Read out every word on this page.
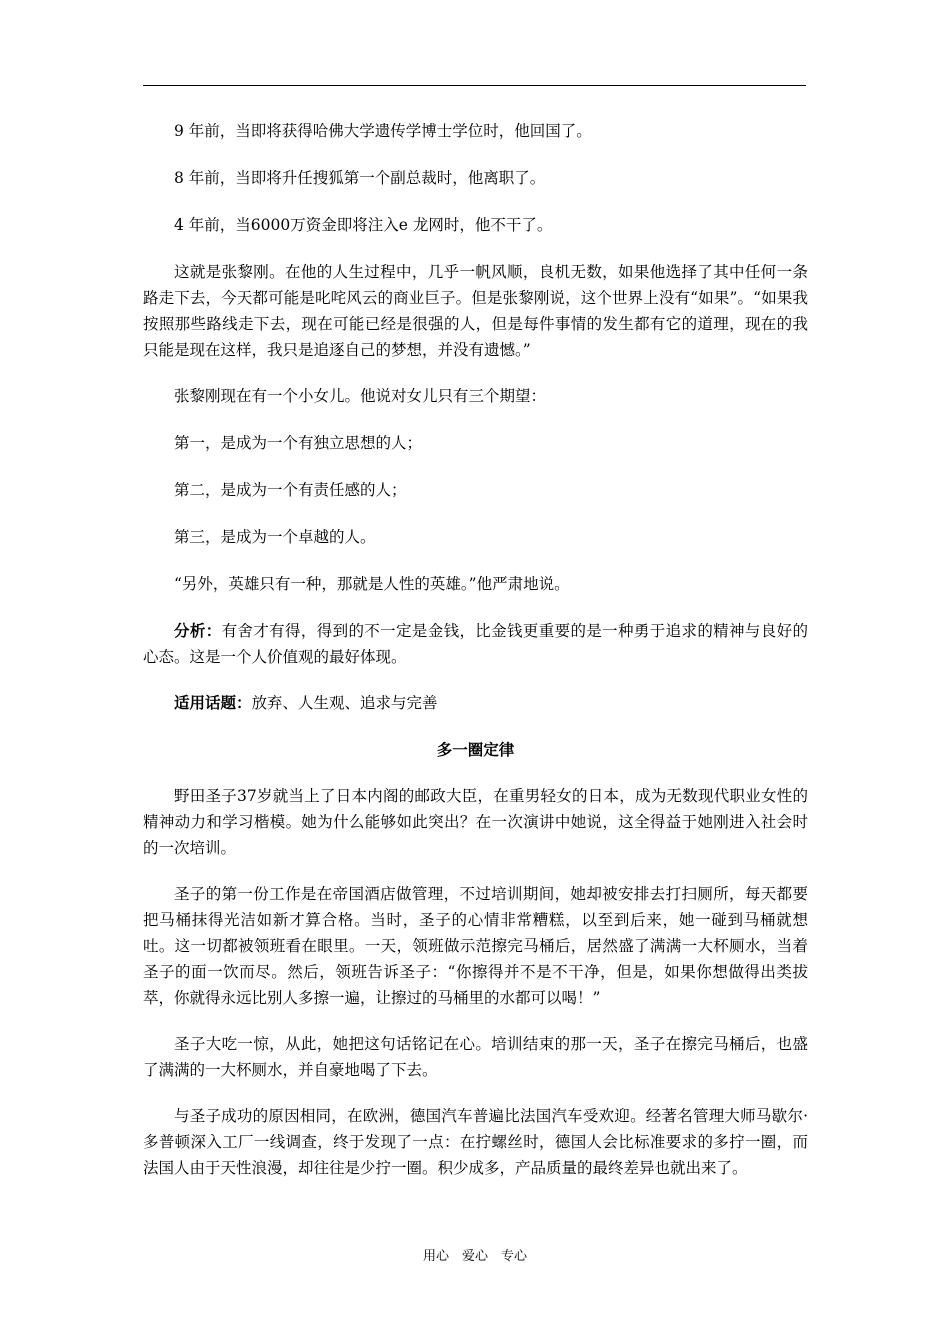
9 年前，当即将获得哈佛大学遗传学博士学位时，他回国了。

8 年前，当即将升任搜狐第一个副总裁时，他离职了。

4 年前，当6000万资金即将注入e 龙网时，他不干了。

这就是张黎刚。在他的人生过程中，几乎一帆风顺，良机无数，如果他选择了其中任何一条路走下去，今天都可能是叱咤风云的商业巨子。但是张黎刚说，这个世界上没有“如果”。“如果我按照那些路线走下去，现在可能已经是很强的人，但是每件事情的发生都有它的道理，现在的我只能是现在这样，我只是追逐自己的梦想，并没有遗憾。”

张黎刚现在有一个小女儿。他说对女儿只有三个期望：

第一，是成为一个有独立思想的人；

第二，是成为一个有责任感的人；

第三，是成为一个卓越的人。

“另外，英雄只有一种，那就是人性的英雄。”他严肃地说。

分析：有舍才有得，得到的不一定是金钱，比金钱更重要的是一种勇于追求的精神与良好的心态。这是一个人价值观的最好体现。

适用话题：放弃、人生观、追求与完善

多一圈定律

野田圣子37岁就当上了日本内阁的邮政大臣，在重男轻女的日本，成为无数现代职业女性的精神动力和学习楷模。她为什么能够如此突出？在一次演讲中她说，这全得益于她刚进入社会时的一次培训。

圣子的第一份工作是在帝国酒店做管理，不过培训期间，她却被安排去打扫厕所，每天都要把马桶抹得光洁如新才算合格。当时，圣子的心情非常糟糕，以至到后来，她一碰到马桶就想吐。这一切都被领班看在眼里。一天，领班做示范擦完马桶后，居然盛了满满一大杯厕水，当着圣子的面一饮而尽。然后，领班告诉圣子：“你擦得并不是不干净，但是，如果你想做得出类拔萃，你就得永远比别人多擦一遍，让擦过的马桶里的水都可以喝！”

圣子大吃一惊，从此，她把这句话铭记在心。培训结束的那一天，圣子在擦完马桶后，也盛了满满的一大杯厕水，并自豪地喝了下去。

与圣子成功的原因相同，在欧洲，德国汽车普遍比法国汽车受欢迎。经著名管理大师马歇尔·多普顿深入工厂一线调查，终于发现了一点：在拧螺丝时，德国人会比标准要求的多拧一圈，而法国人由于天性浪漫，却往往是少拧一圈。积少成多，产品质量的最终差异也就出来了。

用心　爱心　专心
